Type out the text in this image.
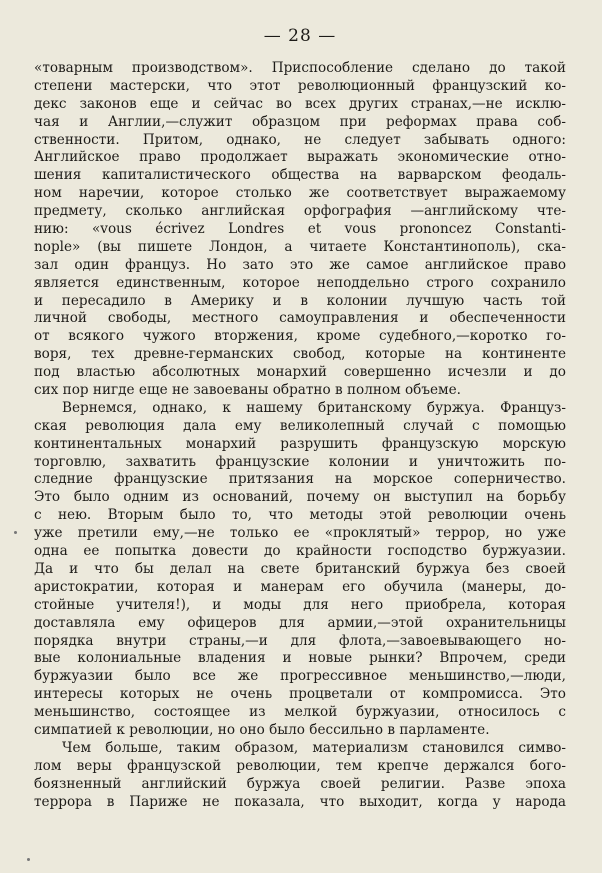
— 28 —
«товарным производством». Приспособление сделано до такой
степени мастерски, что этот революционный французский ко-
декс законов еще и сейчас во всех других странах,—не исклю-
чая и Англии,—служит образцом при реформах права соб-
ственности. Притом, однако, не следует забывать одного:
Английское право продолжает выражать экономические отно-
шения капиталистического общества на варварском феодаль-
ном наречии, которое столько же соответствует выражаемому
предмету, сколько английская орфография —английскому чте-
нию: «vous écrivez Londres et vous prononcez Constanti-
nople» (вы пишете Лондон, а читаете Константинополь), ска-
зал один француз. Но зато это же самое английское право
является единственным, которое неподдельно строго сохранило
и пересадило в Америку и в колонии лучшую часть той
личной свободы, местного самоуправления и обеспеченности
от всякого чужого вторжения, кроме судебного,—коротко го-
воря, тех древне-германских свобод, которые на континенте
под властью абсолютных монархий совершенно исчезли и до
сих пор нигде еще не завоеваны обратно в полном объеме.
Вернемся, однако, к нашему британскому буржуа. Француз-
ская революция дала ему великолепный случай с помощью
континентальных монархий разрушить французскую морскую
торговлю, захватить французские колонии и уничтожить по-
следние французские притязания на морское соперничество.
Это было одним из оснований, почему он выступил на борьбу
с нею. Вторым было то, что методы этой революции очень
уже претили ему,—не только ее «проклятый» террор, но уже
одна ее попытка довести до крайности господство буржуазии.
Да и что бы делал на свете британский буржуа без своей
аристократии, которая и манерам его обучила (манеры, до-
стойные учителя!), и моды для него приобрела, которая
доставляла ему офицеров для армии,—этой охранительницы
порядка внутри страны,—и для флота,—завоевывающего но-
вые колониальные владения и новые рынки? Впрочем, среди
буржуазии было все же прогрессивное меньшинство,—люди,
интересы которых не очень процветали от компромисса. Это
меньшинство, состоящее из мелкой буржуазии, относилось с
симпатией к революции, но оно было бессильно в парламенте.
Чем больше, таким образом, материализм становился симво-
лом веры французской революции, тем крепче держался бого-
боязненный английский буржуа своей религии. Разве эпоха
террора в Париже не показала, что выходит, когда у народа
